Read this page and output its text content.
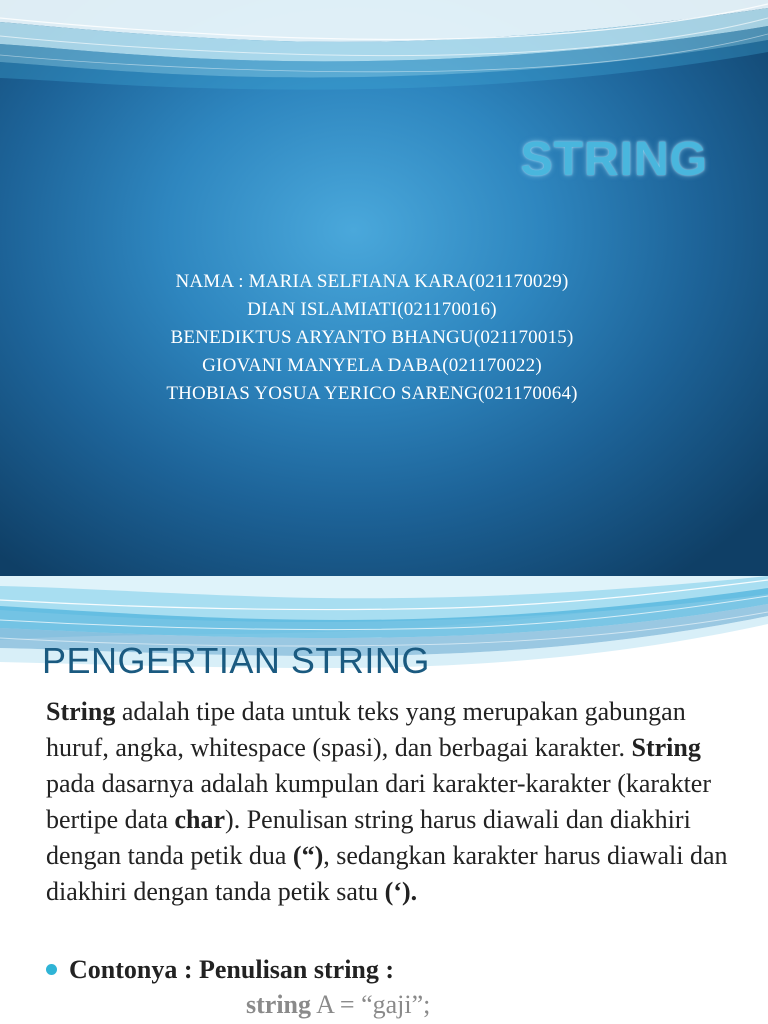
STRING
NAMA : MARIA SELFIANA KARA(021170029)
DIAN ISLAMIATI(021170016)
BENEDIKTUS ARYANTO BHANGU(021170015)
GIOVANI MANYELA DABA(021170022)
THOBIAS YOSUA YERICO SARENG(021170064)
PENGERTIAN STRING
String adalah tipe data untuk teks yang merupakan gabungan huruf, angka, whitespace (spasi), dan berbagai karakter. String pada dasarnya adalah kumpulan dari karakter-karakter (karakter bertipe data char). Penulisan string harus diawali dan diakhiri dengan tanda petik dua (“), sedangkan karakter harus diawali dan diakhiri dengan tanda petik satu (‘).
Contonya : Penulisan string :
string A = “gaji”;
